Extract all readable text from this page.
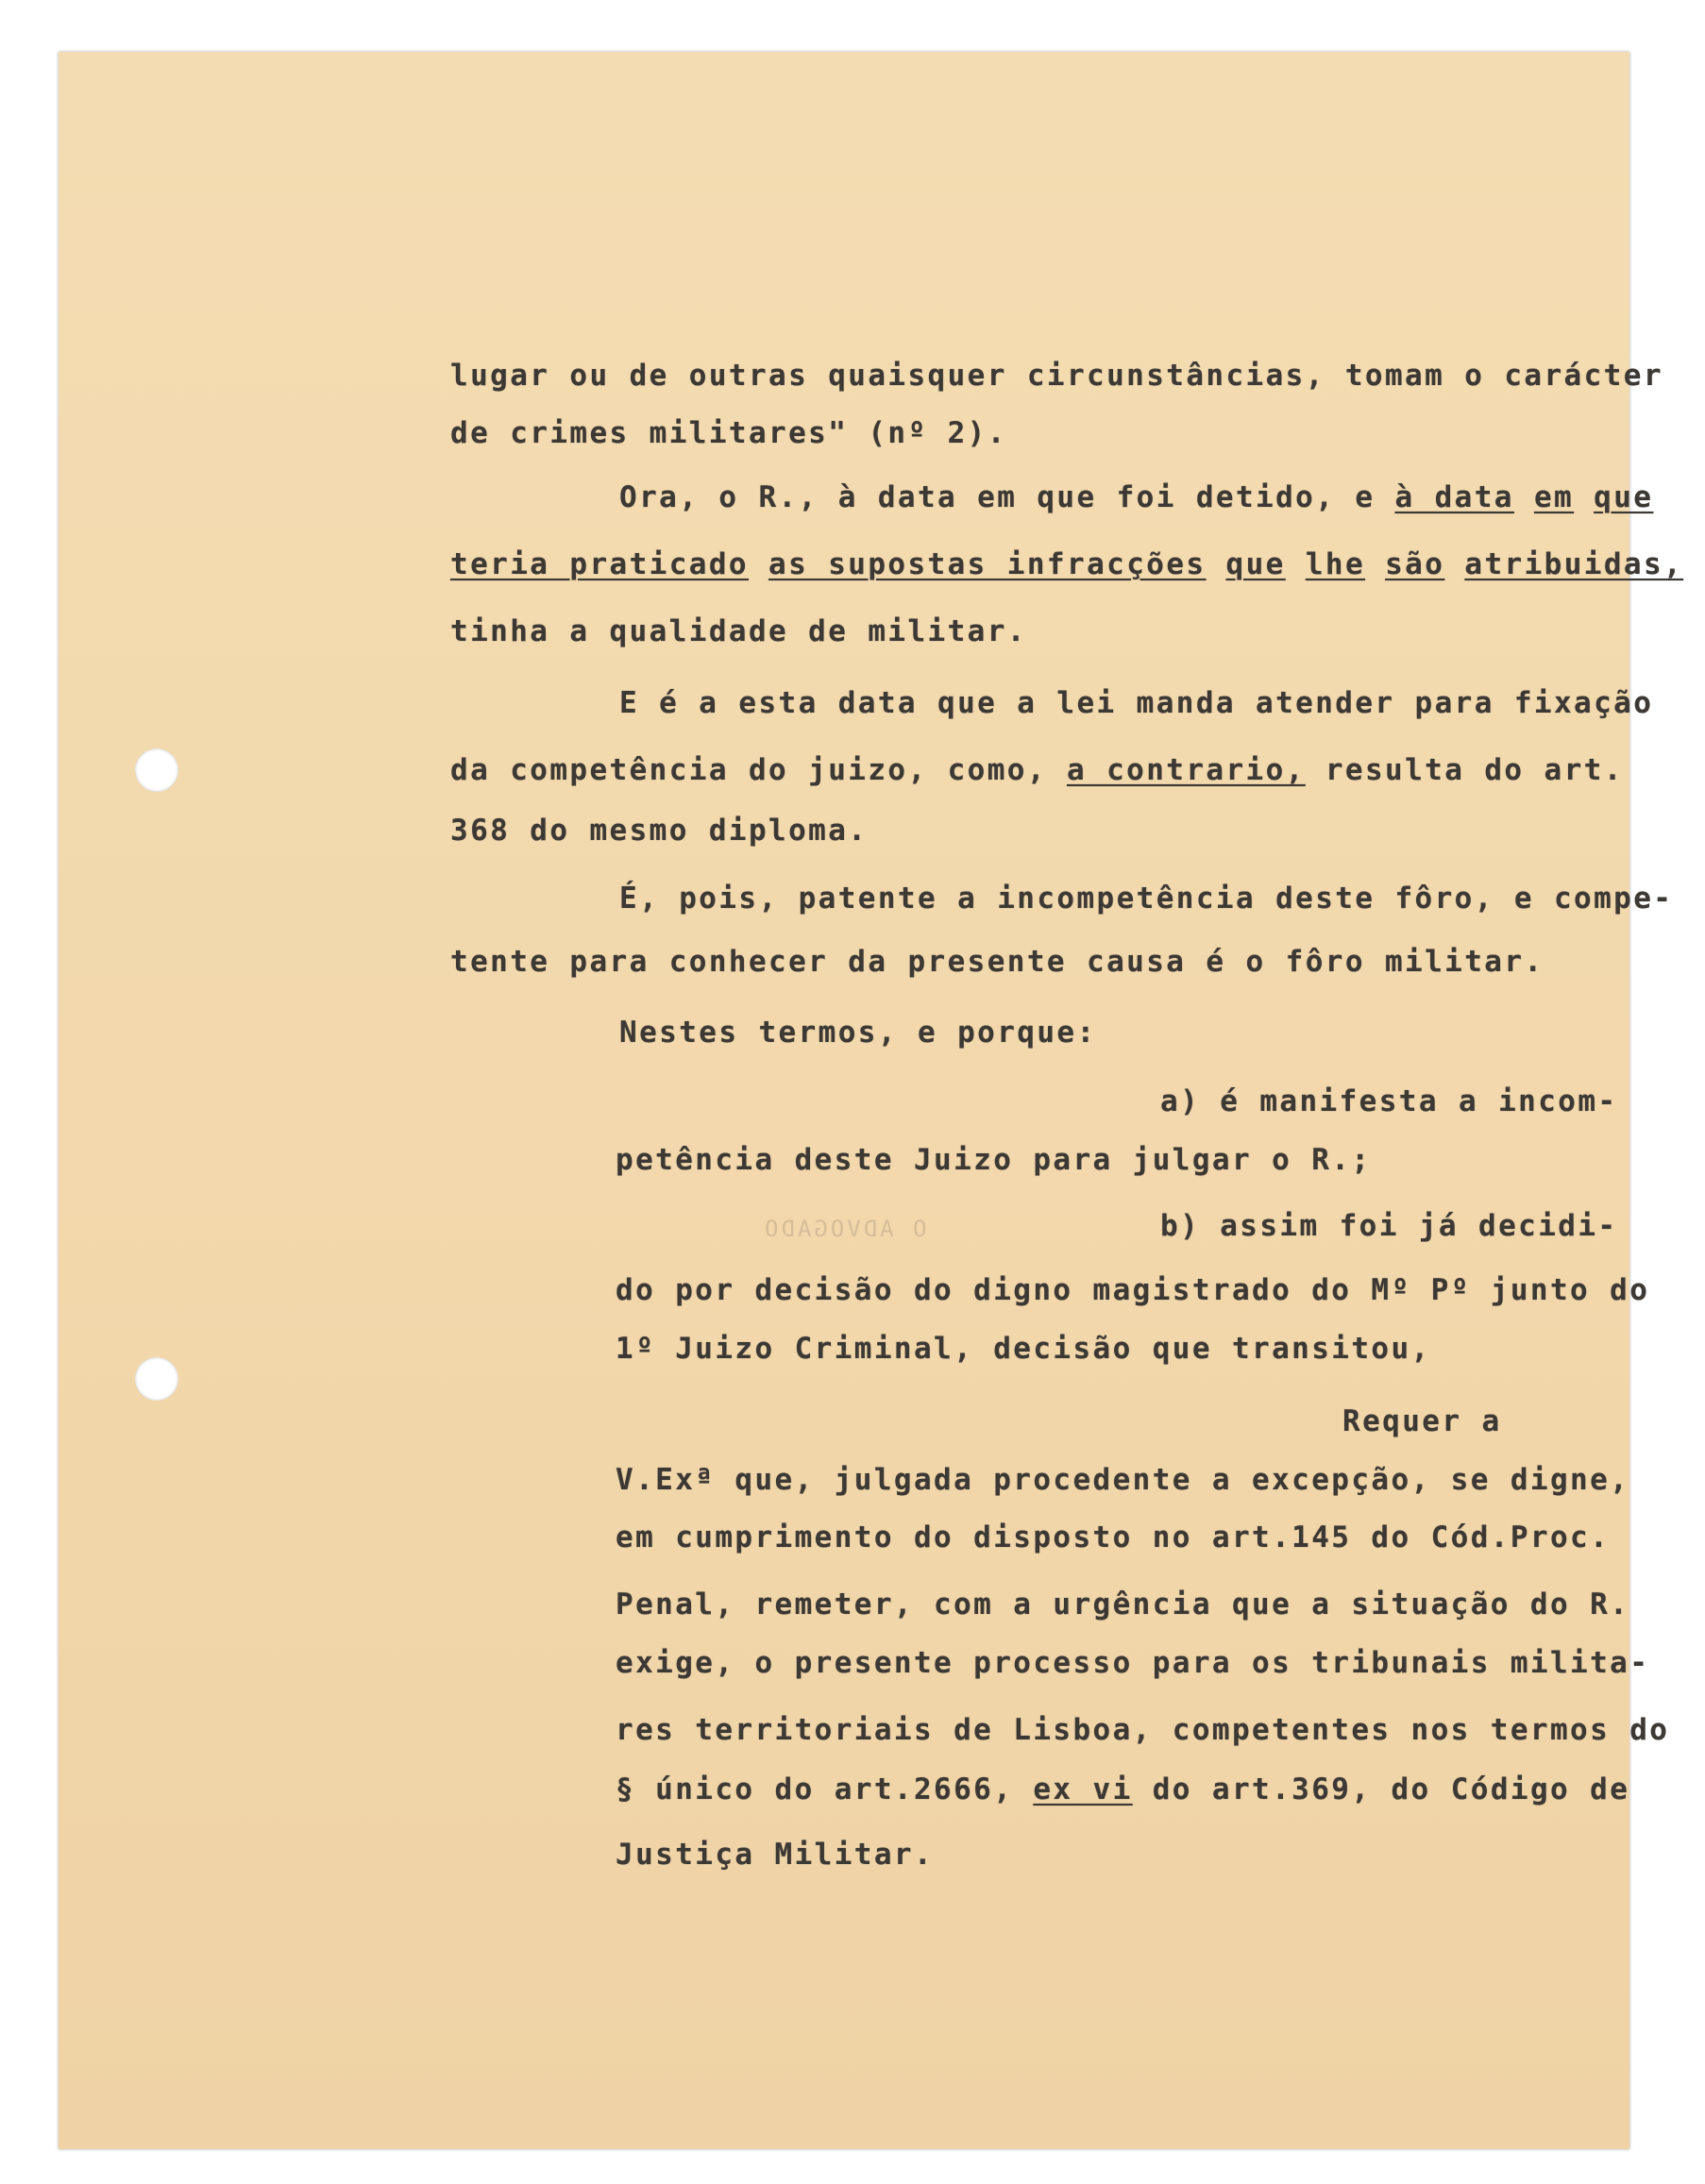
O ADVOGADO

lugar ou de outras quaisquer circunstâncias, tomam o carácter

de crimes militares" (nº 2).

Ora, o R., à data em que foi detido, e à data em que

teria praticado as supostas infracções que lhe são atribuidas,

tinha a qualidade de militar.

E é a esta data que a lei manda atender para fixação

da competência do juizo, como, a contrario, resulta do art.

368 do mesmo diploma.

É, pois, patente a incompetência deste fôro, e compe-

tente para conhecer da presente causa é o fôro militar.

Nestes termos, e porque:

a) é manifesta a incom-

petência deste Juizo para julgar o R.;

b) assim foi já decidi-

do por decisão do digno magistrado do Mº Pº junto do

1º Juizo Criminal, decisão que transitou,

Requer a

V.Exª que, julgada procedente a excepção, se digne,

em cumprimento do disposto no art.145 do Cód.Proc.

Penal, remeter, com a urgência que a situação do R.

exige, o presente processo para os tribunais milita-

res territoriais de Lisboa, competentes nos termos do

§ único do art.2666, ex vi do art.369, do Código de

Justiça Militar.
